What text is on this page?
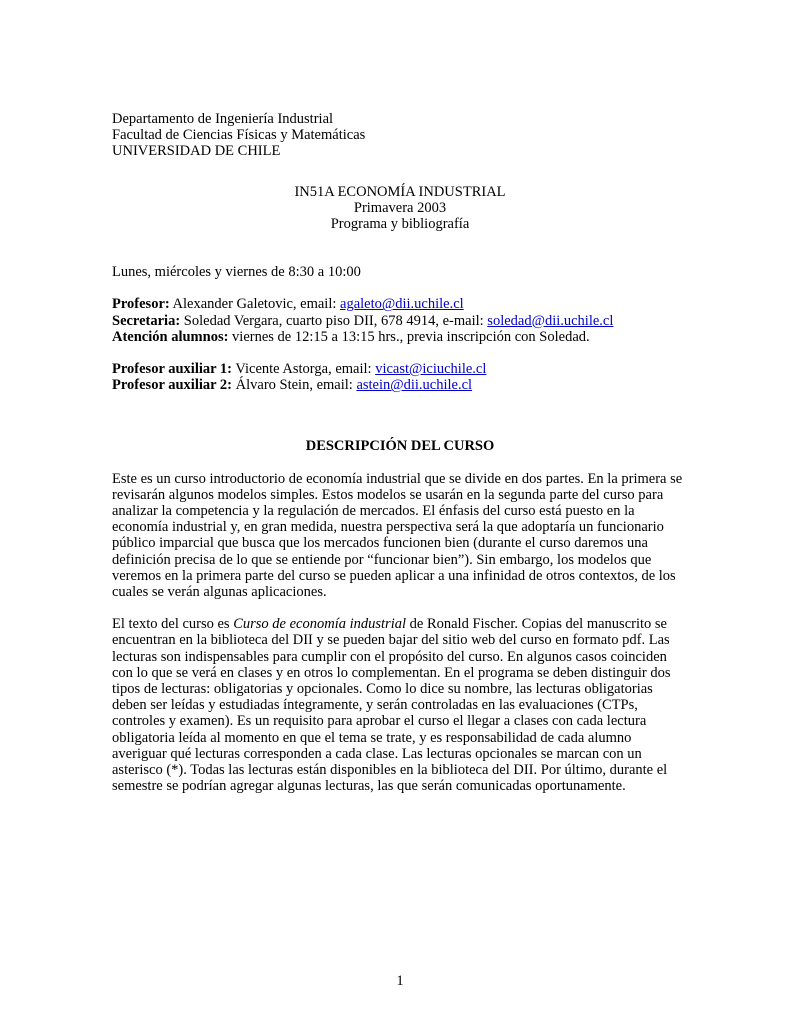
Departamento de Ingeniería Industrial
Facultad de Ciencias Físicas y Matemáticas
UNIVERSIDAD DE CHILE
IN51A ECONOMÍA INDUSTRIAL
Primavera 2003
Programa y bibliografía
Lunes, miércoles y viernes de 8:30 a 10:00
Profesor: Alexander Galetovic, email: agaleto@dii.uchile.cl
Secretaria: Soledad Vergara, cuarto piso DII, 678 4914, e-mail: soledad@dii.uchile.cl
Atención alumnos: viernes de 12:15 a 13:15 hrs., previa inscripción con Soledad.
Profesor auxiliar 1: Vicente Astorga, email: vicast@iciuchile.cl
Profesor auxiliar 2: Álvaro Stein, email: astein@dii.uchile.cl
DESCRIPCIÓN DEL CURSO
Este es un curso introductorio de economía industrial que se divide en dos partes. En la primera se
revisarán algunos modelos simples. Estos modelos se usarán en la segunda parte del curso para
analizar la competencia y la regulación de mercados. El énfasis del curso está puesto en la
economía industrial y, en gran medida, nuestra perspectiva será la que adoptaría un funcionario
público imparcial que busca que los mercados funcionen bien (durante el curso daremos una
definición precisa de lo que se entiende por “funcionar bien”). Sin embargo, los modelos que
veremos en la primera parte del curso se pueden aplicar a una infinidad de otros contextos, de los
cuales se verán algunas aplicaciones.
El texto del curso es Curso de economía industrial de Ronald Fischer. Copias del manuscrito se
encuentran en la biblioteca del DII y se pueden bajar del sitio web del curso en formato pdf. Las
lecturas son indispensables para cumplir con el propósito del curso. En algunos casos coinciden
con lo que se verá en clases y en otros lo complementan. En el programa se deben distinguir dos
tipos de lecturas: obligatorias y opcionales. Como lo dice su nombre, las lecturas obligatorias
deben ser leídas y estudiadas íntegramente, y serán controladas en las evaluaciones (CTPs,
controles y examen). Es un requisito para aprobar el curso el llegar a clases con cada lectura
obligatoria leída al momento en que el tema se trate, y es responsabilidad de cada alumno
averiguar qué lecturas corresponden a cada clase. Las lecturas opcionales se marcan con un
asterisco (*). Todas las lecturas están disponibles en la biblioteca del DII. Por último, durante el
semestre se podrían agregar algunas lecturas, las que serán comunicadas oportunamente.
1
